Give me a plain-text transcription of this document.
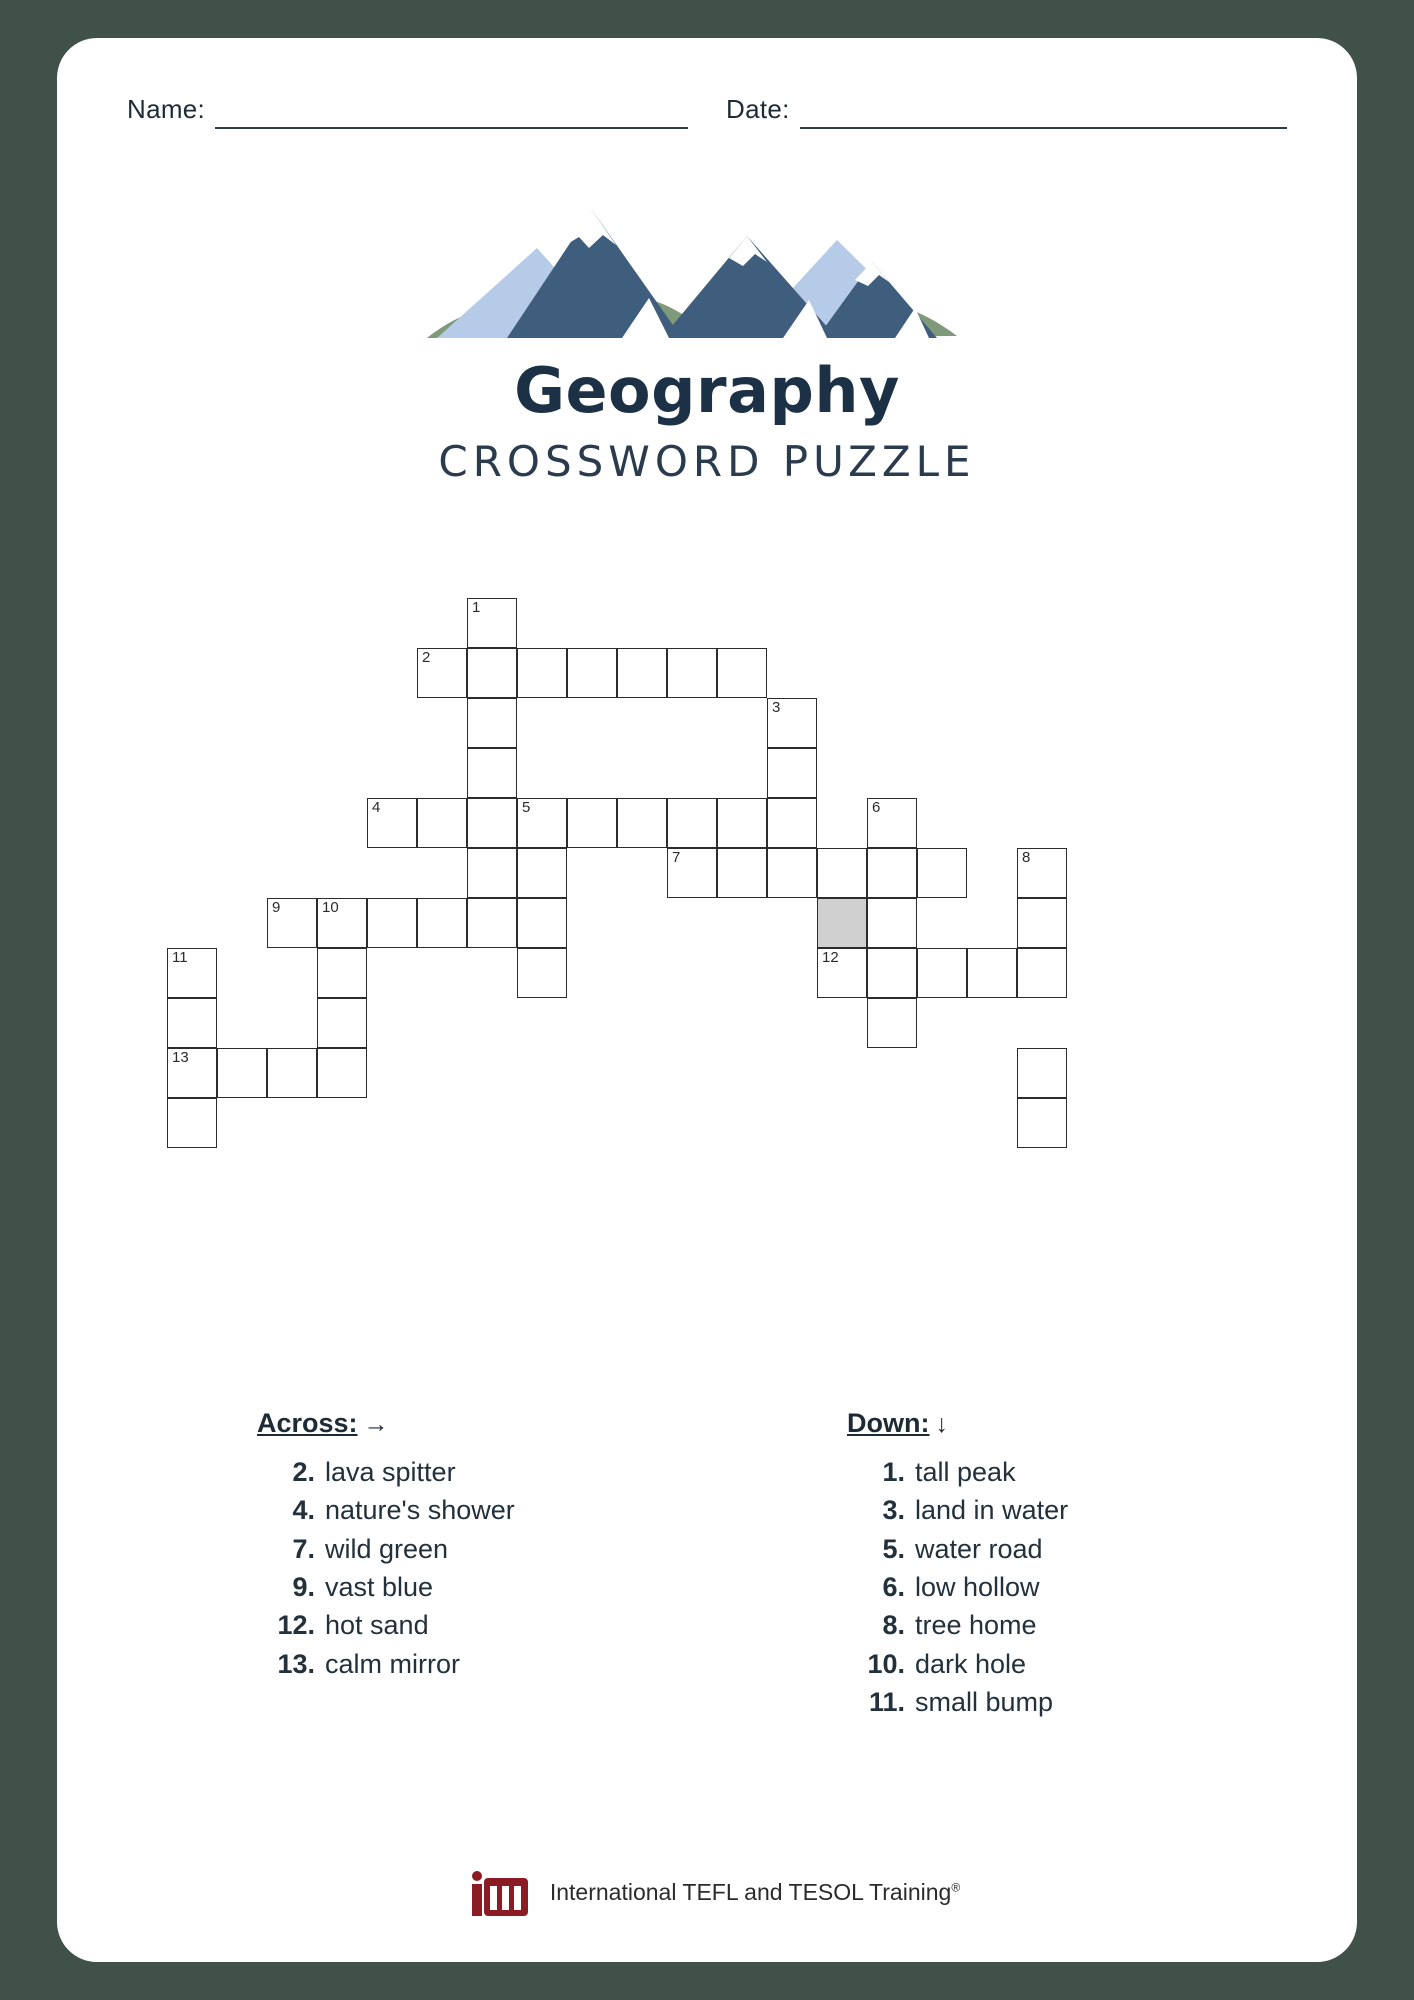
Name:	Date:
Geography
CROSSWORD PUZZLE
1
2
3
4	5	6
7	8
9	10
11	12
13
Across: →
2. lava spitter
4. nature's shower
7. wild green
9. vast blue
12. hot sand
13. calm mirror
Down: ↓
1. tall peak
3. land in water
5. water road
6. low hollow
8. tree home
10. dark hole
11. small bump
International TEFL and TESOL Training®
